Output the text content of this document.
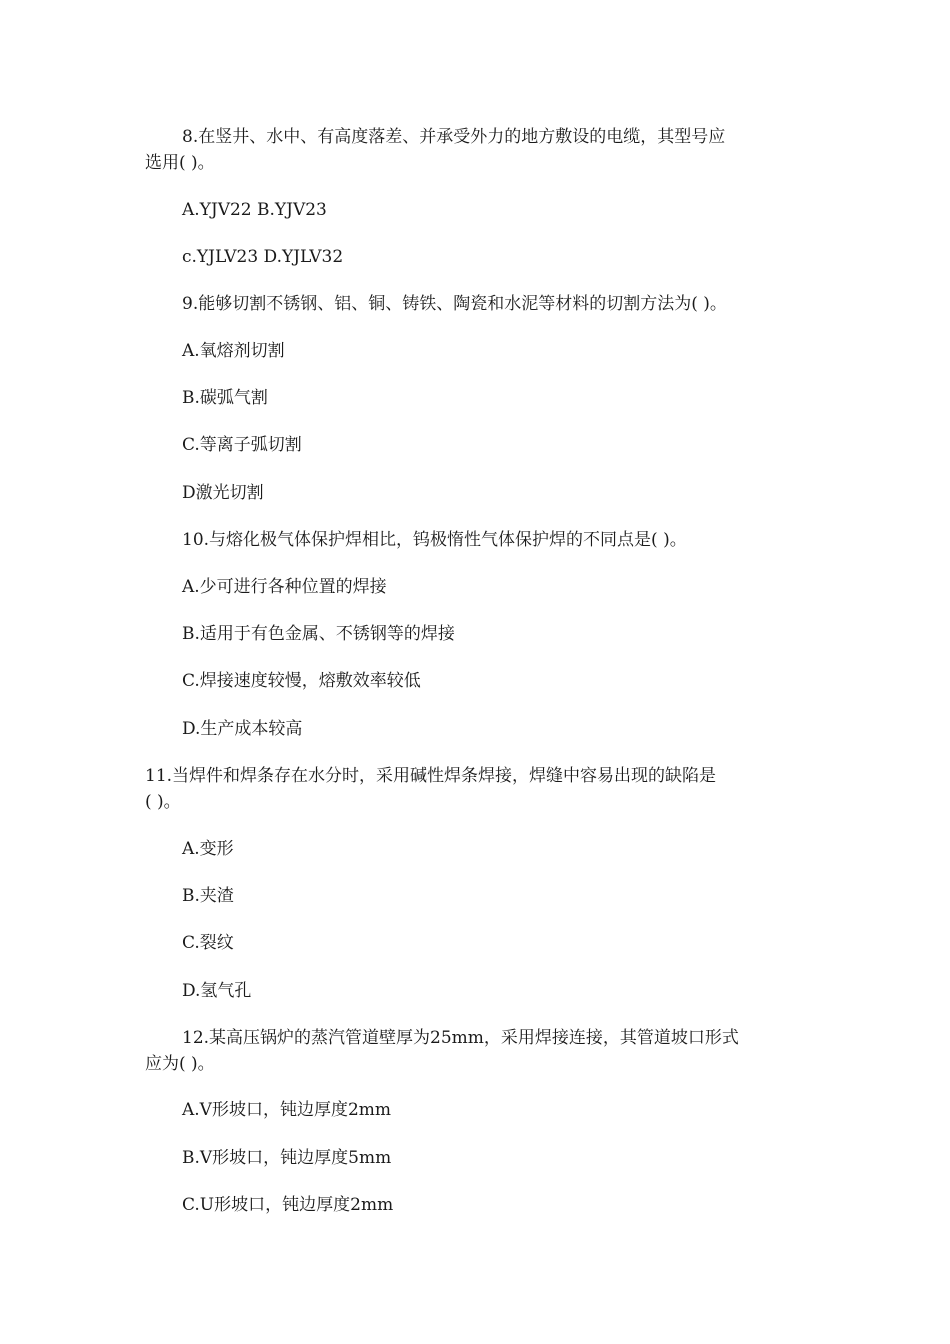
8.在竖井、水中、有高度落差、并承受外力的地方敷设的电缆，其型号应
选用( )。
A.YJV22 B.YJV23
c.YJLV23 D.YJLV32
9.能够切割不锈钢、铝、铜、铸铁、陶瓷和水泥等材料的切割方法为( )。
A.氧熔剂切割
B.碳弧气割
C.等离子弧切割
D激光切割
10.与熔化极气体保护焊相比，钨极惰性气体保护焊的不同点是( )。
A.少可进行各种位置的焊接
B.适用于有色金属、不锈钢等的焊接
C.焊接速度较慢，熔敷效率较低
D.生产成本较高
11.当焊件和焊条存在水分时，采用碱性焊条焊接，焊缝中容易出现的缺陷是
( )。
A.变形
B.夹渣
C.裂纹
D.氢气孔
12.某高压锅炉的蒸汽管道壁厚为25mm，采用焊接连接，其管道坡口形式
应为( )。
A.V形坡口，钝边厚度2mm
B.V形坡口，钝边厚度5mm
C.U形坡口，钝边厚度2mm
